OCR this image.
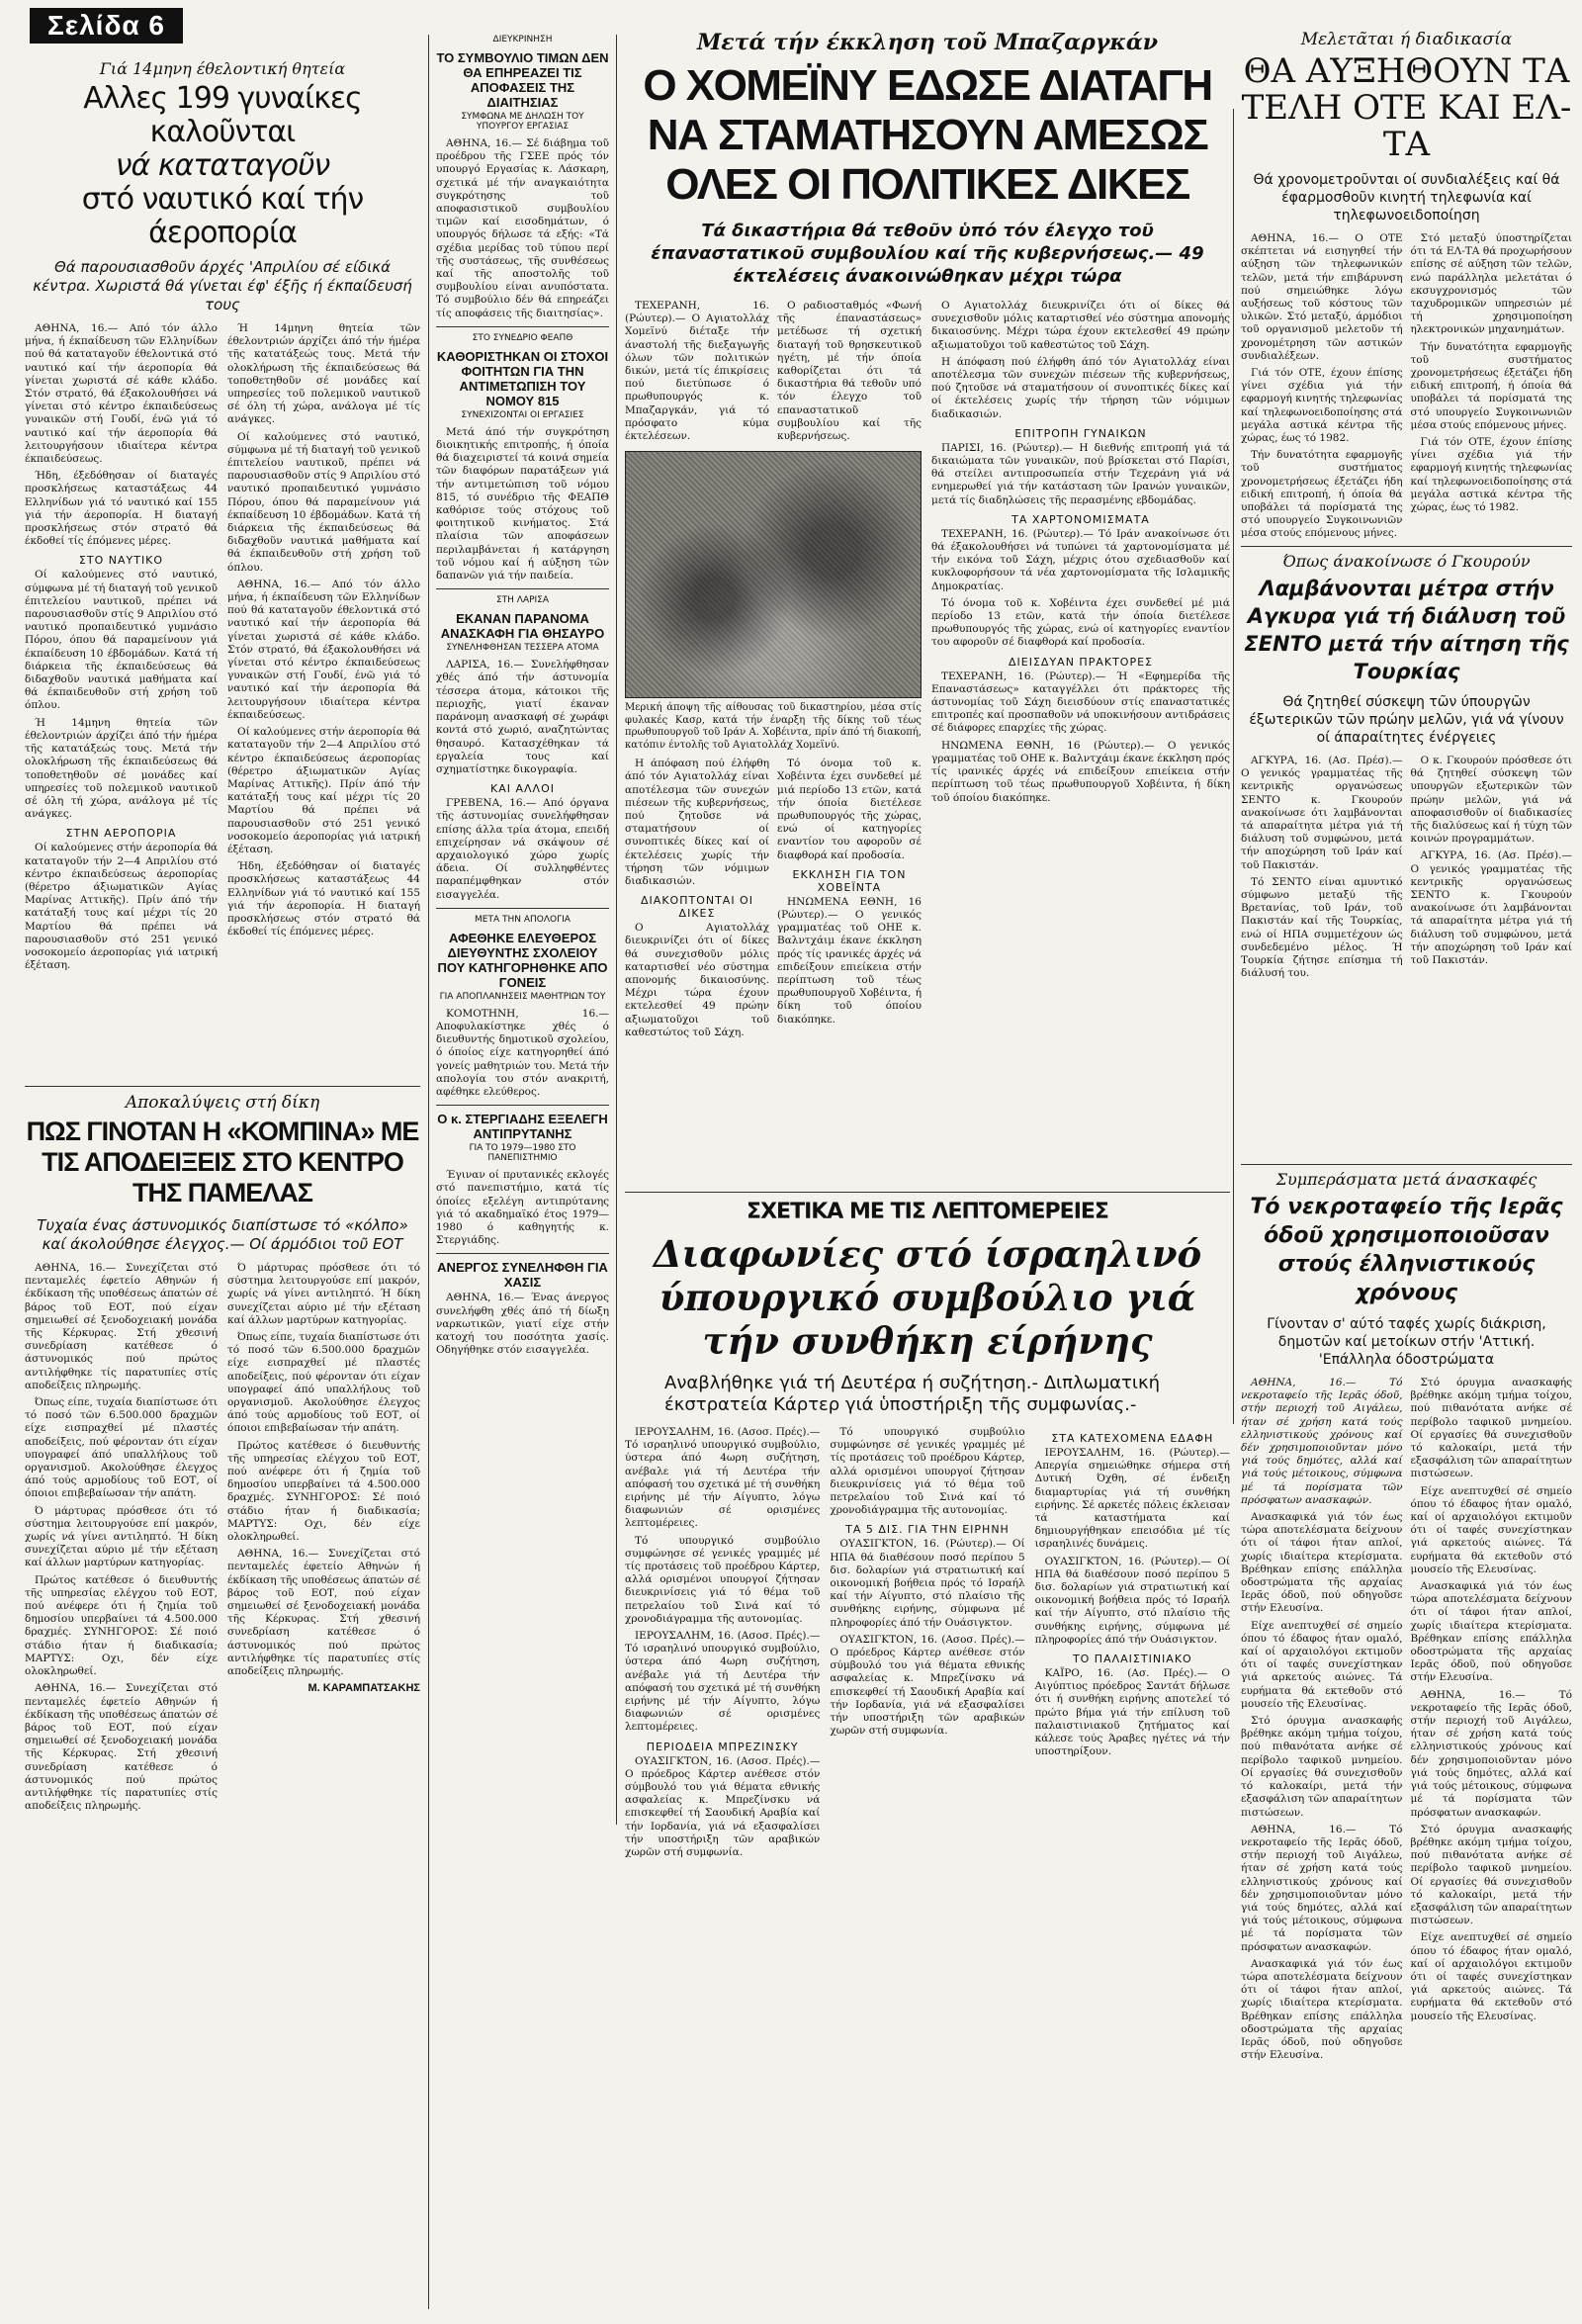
Σελίδα 6

Γιά 14μηνη έθελοντική θητεία

Αλλες 199 γυναίκες καλοῦνται

νά καταταγοῦν

στό ναυτικό καί τήν άεροπορία

Θά παρουσιασθοῦν άρχές 'Απριλίου σέ είδικά κέντρα. Χωριστά θά γίνεται έφ' έξῆς ή έκπαίδευσή τους

ΑΘΗΝΑ, 16.— Από τόν άλλο μήνα, ή έκπαίδευση τῶν Ελληνίδων πού θά καταταγοῦν έθελοντικά στό ναυτικό καί τήν άεροπορία θά γίνεται χωριστά σέ κάθε κλάδο. Στόν στρατό, θά έξακολουθήσει νά γίνεται στό κέντρο έκπαιδεύσεως γυναικῶν στή Γουδί, ένῶ γιά τό ναυτικό καί τήν άεροπορία θά λειτουργήσουν ιδιαίτερα κέντρα έκπαιδεύσεως.

Ήδη, έξεδόθησαν οί διαταγές προσκλήσεως καταστάξεως 44 Ελληνίδων γιά τό ναυτικό καί 155 γιά τήν άεροπορία. Η διαταγή προσκλήσεως στόν στρατό θά έκδοθεί τίς έπόμενες μέρες.

ΣΤΟ ΝΑΥΤΙΚΟ

Οί καλούμενες στό ναυτικό, σύμφωνα μέ τή διαταγή τοῦ γενικοῦ έπιτελείου ναυτικοῦ, πρέπει νά παρουσιασθοῦν στίς 9 Απριλίου στό ναυτικό προπαιδευτικό γυμνάσιο Πόρου, όπου θά παραμείνουν γιά έκπαίδευση 10 έβδομάδων. Κατά τή διάρκεια τῆς έκπαιδεύσεως θά διδαχθοῦν ναυτικά μαθήματα καί θά έκπαιδευθοῦν στή χρήση τοῦ όπλου.

Ή 14μηνη θητεία τῶν έθελοντριών άρχίζει άπό τήν ήμέρα τῆς κατατάξεώς τους. Μετά τήν ολοκλήρωση τῆς έκπαιδεύσεως θά τοποθετηθοῦν σέ μονάδες καί υπηρεσίες τοῦ πολεμικοῦ ναυτικοῦ σέ όλη τή χώρα, ανάλογα μέ τίς ανάγκες.

ΣΤΗΝ ΑΕΡΟΠΟΡΙΑ

Οί καλούμενες στήν άεροπορία θά καταταγοῦν τήν 2—4 Απριλίου στό κέντρο έκπαιδεύσεως άεροπορίας (θέρετρο άξιωματικῶν Αγίας Μαρίνας Αττικῆς). Πρίν άπό τήν κατάταξή τους καί μέχρι τίς 20 Μαρτίου θά πρέπει νά παρουσιασθοῦν στό 251 γενικό νοσοκομείο άεροπορίας γιά ιατρική έξέταση.

Ή 14μηνη θητεία τῶν έθελοντριών άρχίζει άπό τήν ήμέρα τῆς κατατάξεώς τους. Μετά τήν ολοκλήρωση τῆς έκπαιδεύσεως θά τοποθετηθοῦν σέ μονάδες καί υπηρεσίες τοῦ πολεμικοῦ ναυτικοῦ σέ όλη τή χώρα, ανάλογα μέ τίς ανάγκες.

Οί καλούμενες στό ναυτικό, σύμφωνα μέ τή διαταγή τοῦ γενικοῦ έπιτελείου ναυτικοῦ, πρέπει νά παρουσιασθοῦν στίς 9 Απριλίου στό ναυτικό προπαιδευτικό γυμνάσιο Πόρου, όπου θά παραμείνουν γιά έκπαίδευση 10 έβδομάδων. Κατά τή διάρκεια τῆς έκπαιδεύσεως θά διδαχθοῦν ναυτικά μαθήματα καί θά έκπαιδευθοῦν στή χρήση τοῦ όπλου.

ΑΘΗΝΑ, 16.— Από τόν άλλο μήνα, ή έκπαίδευση τῶν Ελληνίδων πού θά καταταγοῦν έθελοντικά στό ναυτικό καί τήν άεροπορία θά γίνεται χωριστά σέ κάθε κλάδο. Στόν στρατό, θά έξακολουθήσει νά γίνεται στό κέντρο έκπαιδεύσεως γυναικῶν στή Γουδί, ένῶ γιά τό ναυτικό καί τήν άεροπορία θά λειτουργήσουν ιδιαίτερα κέντρα έκπαιδεύσεως.

Οί καλούμενες στήν άεροπορία θά καταταγοῦν τήν 2—4 Απριλίου στό κέντρο έκπαιδεύσεως άεροπορίας (θέρετρο άξιωματικῶν Αγίας Μαρίνας Αττικῆς). Πρίν άπό τήν κατάταξή τους καί μέχρι τίς 20 Μαρτίου θά πρέπει νά παρουσιασθοῦν στό 251 γενικό νοσοκομείο άεροπορίας γιά ιατρική έξέταση.

Ήδη, έξεδόθησαν οί διαταγές προσκλήσεως καταστάξεως 44 Ελληνίδων γιά τό ναυτικό καί 155 γιά τήν άεροπορία. Η διαταγή προσκλήσεως στόν στρατό θά έκδοθεί τίς έπόμενες μέρες.

Αποκαλύψεις στή δίκη

ΠΩΣ ΓΙΝΟΤΑΝ Η «ΚΟΜΠΙΝΑ» ΜΕ ΤΙΣ ΑΠΟΔΕΙΞΕΙΣ ΣΤΟ ΚΕΝΤΡΟ ΤΗΣ ΠΑΜΕΛΑΣ

Τυχαία ένας άστυνομικός διαπίστωσε τό «κόλπο» καί άκολούθησε έλεγχος.— Οί άρμόδιοι τοῦ ΕΟΤ

ΑΘΗΝΑ, 16.— Συνεχίζεται στό πενταμελές έφετείο Αθηνών ή έκδίκαση τῆς υποθέσεως άπατών σέ βάρος τοῦ ΕΟΤ, πού είχαν σημειωθεί σέ ξενοδοχειακή μονάδα τῆς Κέρκυρας. Στή χθεσινή συνεδρίαση κατέθεσε ό άστυνομικός πού πρώτος αντιλήφθηκε τίς παρατυπίες στίς αποδείξεις πληρωμής.

Όπως είπε, τυχαία διαπίστωσε ότι τό ποσό τῶν 6.500.000 δραχμῶν είχε εισπραχθεί μέ πλαστές αποδείξεις, πού φέρονταν ότι είχαν υπογραφεί άπό υπαλλήλους τοῦ οργανισμοῦ. Ακολούθησε έλεγχος άπό τούς αρμοδίους τοῦ ΕΟΤ, οί όποιοι επιβεβαίωσαν τήν απάτη.

Ό μάρτυρας πρόσθεσε ότι τό σύστημα λειτουργούσε επί μακρόν, χωρίς νά γίνει αντιληπτό. Ή δίκη συνεχίζεται αύριο μέ τήν εξέταση καί άλλων μαρτύρων κατηγορίας.

Πρώτος κατέθεσε ό διευθυντής τῆς υπηρεσίας ελέγχου τοῦ ΕΟΤ, πού ανέφερε ότι ή ζημία τοῦ δημοσίου υπερβαίνει τά 4.500.000 δραχμές. ΣΥΝΗΓΟΡΟΣ: Σέ ποιό στάδιο ήταν ή διαδικασία; ΜΑΡΤΥΣ: Οχι, δέν είχε ολοκληρωθεί.

ΑΘΗΝΑ, 16.— Συνεχίζεται στό πενταμελές έφετείο Αθηνών ή έκδίκαση τῆς υποθέσεως άπατών σέ βάρος τοῦ ΕΟΤ, πού είχαν σημειωθεί σέ ξενοδοχειακή μονάδα τῆς Κέρκυρας. Στή χθεσινή συνεδρίαση κατέθεσε ό άστυνομικός πού πρώτος αντιλήφθηκε τίς παρατυπίες στίς αποδείξεις πληρωμής.

Ό μάρτυρας πρόσθεσε ότι τό σύστημα λειτουργούσε επί μακρόν, χωρίς νά γίνει αντιληπτό. Ή δίκη συνεχίζεται αύριο μέ τήν εξέταση καί άλλων μαρτύρων κατηγορίας.

Όπως είπε, τυχαία διαπίστωσε ότι τό ποσό τῶν 6.500.000 δραχμῶν είχε εισπραχθεί μέ πλαστές αποδείξεις, πού φέρονταν ότι είχαν υπογραφεί άπό υπαλλήλους τοῦ οργανισμοῦ. Ακολούθησε έλεγχος άπό τούς αρμοδίους τοῦ ΕΟΤ, οί όποιοι επιβεβαίωσαν τήν απάτη.

Πρώτος κατέθεσε ό διευθυντής τῆς υπηρεσίας ελέγχου τοῦ ΕΟΤ, πού ανέφερε ότι ή ζημία τοῦ δημοσίου υπερβαίνει τά 4.500.000 δραχμές. ΣΥΝΗΓΟΡΟΣ: Σέ ποιό στάδιο ήταν ή διαδικασία; ΜΑΡΤΥΣ: Οχι, δέν είχε ολοκληρωθεί.

ΑΘΗΝΑ, 16.— Συνεχίζεται στό πενταμελές έφετείο Αθηνών ή έκδίκαση τῆς υποθέσεως άπατών σέ βάρος τοῦ ΕΟΤ, πού είχαν σημειωθεί σέ ξενοδοχειακή μονάδα τῆς Κέρκυρας. Στή χθεσινή συνεδρίαση κατέθεσε ό άστυνομικός πού πρώτος αντιλήφθηκε τίς παρατυπίες στίς αποδείξεις πληρωμής.

Μ. ΚΑΡΑΜΠΑΤΣΑΚΗΣ

ΔΙΕΥΚΡΙΝΗΣΗ

ΤΟ ΣΥΜΒΟΥΛΙΟ ΤΙΜΩΝ ΔΕΝ ΘΑ ΕΠΗΡΕΑΖΕΙ ΤΙΣ ΑΠΟΦΑΣΕΙΣ ΤΗΣ ΔΙΑΙΤΗΣΙΑΣ

ΣΥΜΦΩΝΑ ΜΕ ΔΗΛΩΣΗ ΤΟΥ ΥΠΟΥΡΓΟΥ ΕΡΓΑΣΙΑΣ

ΑΘΗΝΑ, 16.— Σέ διάβημα τοῦ προέδρου τῆς ΓΣΕΕ πρός τόν υπουργό Εργασίας κ. Λάσκαρη, σχετικά μέ τήν αναγκαιότητα συγκρότησης τοῦ αποφασιστικοῦ συμβουλίου τιμῶν καί εισοδημάτων, ό υπουργός δήλωσε τά εξής: «Τά σχέδια μερίδας τοῦ τύπου περί τῆς συστάσεως, τῆς συνθέσεως καί τῆς αποστολῆς τοῦ συμβουλίου είναι ανυπόστατα. Τό συμβούλιο δέν θά επηρεάζει τίς αποφάσεις τῆς διαιτησίας».

ΣΤΟ ΣΥΝΕΔΡΙΟ ΦΕΑΠΘ

ΚΑΘΟΡΙΣΤΗΚΑΝ ΟΙ ΣΤΟΧΟΙ ΦΟΙΤΗΤΩΝ ΓΙΑ ΤΗΝ ΑΝΤΙΜΕΤΩΠΙΣΗ ΤΟΥ ΝΟΜΟΥ 815

ΣΥΝΕΧΙΖΟΝΤΑΙ ΟΙ ΕΡΓΑΣΙΕΣ

Μετά άπό τήν συγκρότηση διοικητικής επιτροπής, ή όποία θά διαχειριστεί τά κοινά σημεία τῶν διαφόρων παρατάξεων γιά τήν αντιμετώπιση τοῦ νόμου 815, τό συνέδριο τῆς ΦΕΑΠΘ καθόρισε τούς στόχους τοῦ φοιτητικοῦ κινήματος. Στά πλαίσια τῶν αποφάσεων περιλαμβάνεται ή κατάργηση τοῦ νόμου καί ή αύξηση τῶν δαπανῶν γιά τήν παιδεία.

ΣΤΗ ΛΑΡΙΣΑ

ΕΚΑΝΑΝ ΠΑΡΑΝΟΜΑ ΑΝΑΣΚΑΦΗ ΓΙΑ ΘΗΣΑΥΡΟ

ΣΥΝΕΛΗΦΘΗΣΑΝ ΤΕΣΣΕΡΑ ΑΤΟΜΑ

ΛΑΡΙΣΑ, 16.— Συνελήφθησαν χθές άπό τήν άστυνομία τέσσερα άτομα, κάτοικοι τῆς περιοχῆς, γιατί έκαναν παράνομη ανασκαφή σέ χωράφι κοντά στό χωριό, αναζητώντας θησαυρό. Κατασχέθηκαν τά εργαλεία τους καί σχηματίστηκε δικογραφία.

ΚΑΙ ΑΛΛΟΙ

ΓΡΕΒΕΝΑ, 16.— Από όργανα τῆς άστυνομίας συνελήφθησαν επίσης άλλα τρία άτομα, επειδή επιχείρησαν νά σκάψουν σέ αρχαιολογικό χώρο χωρίς άδεια. Οί συλληφθέντες παραπέμφθηκαν στόν εισαγγελέα.

ΜΕΤΑ ΤΗΝ ΑΠΟΛΟΓΙΑ

ΑΦΕΘΗΚΕ ΕΛΕΥΘΕΡΟΣ ΔΙΕΥΘΥΝΤΗΣ ΣΧΟΛΕΙΟΥ ΠΟΥ ΚΑΤΗΓΟΡΗΘΗΚΕ ΑΠΟ ΓΟΝΕΙΣ

ΓΙΑ ΑΠΟΠΛΑΝΗΣΕΙΣ ΜΑΘΗΤΡΙΩΝ ΤΟΥ

ΚΟΜΟΤΗΝΗ, 16.— Αποφυλακίστηκε χθές ό διευθυντής δημοτικοῦ σχολείου, ό όποίος είχε κατηγορηθεί άπό γονείς μαθητριών του. Μετά τήν απολογία του στόν ανακριτή, αφέθηκε ελεύθερος.

Ο κ. ΣΤΕΡΓΙΑΔΗΣ ΕΞΕΛΕΓΗ ΑΝΤΙΠΡΥΤΑΝΗΣ

ΓΙΑ ΤΟ 1979—1980 ΣΤΟ ΠΑΝΕΠΙΣΤΗΜΙΟ

Έγιναν οί πρυτανικές εκλογές στό πανεπιστήμιο, κατά τίς όποίες εξελέγη αντιπρύτανης γιά τό ακαδημαϊκό έτος 1979—1980 ό καθηγητής κ. Στεργιάδης.

ΑΝΕΡΓΟΣ ΣΥΝΕΛΗΦΘΗ ΓΙΑ ΧΑΣΙΣ

ΑΘΗΝΑ, 16.— Ένας άνεργος συνελήφθη χθές άπό τή δίωξη ναρκωτικῶν, γιατί είχε στήν κατοχή του ποσότητα χασίς. Οδηγήθηκε στόν εισαγγελέα.

Μετά τήν έκκληση τοῦ Μπαζαργκάν

Ο ΧΟΜΕΪΝΥ ΕΔΩΣΕ ΔΙΑΤΑΓΗ ΝΑ ΣΤΑΜΑΤΗΣΟΥΝ ΑΜΕΣΩΣ ΟΛΕΣ ΟΙ ΠΟΛΙΤΙΚΕΣ ΔΙΚΕΣ

Τά δικαστήρια θά τεθοῦν ὑπό τόν έλεγχο τοῦ έπαναστατικοῦ συμβουλίου καί τῆς κυβερνήσεως.— 49 έκτελέσεις άνακοινώθηκαν μέχρι τώρα

ΤΕΧΕΡΑΝΗ, 16. (Ρώυτερ).— Ο Αγιατολλάχ Χομεϊνύ διέταξε τήν άναστολή τῆς διεξαγωγῆς όλων τῶν πολιτικών δικών, μετά τίς έπικρίσεις πού διετύπωσε ό πρωθυπουργός κ. Μπαζαργκάν, γιά τό πρόσφατο κύμα έκτελέσεων.

Ο ραδιοσταθμός «Φωνή τῆς έπαναστάσεως» μετέδωσε τή σχετική διαταγή τοῦ θρησκευτικοῦ ηγέτη, μέ τήν όποία καθορίζεται ότι τά δικαστήρια θά τεθοῦν υπό τόν έλεγχο τοῦ επαναστατικοῦ συμβουλίου καί τῆς κυβερνήσεως.

Μερική άποψη τῆς αίθουσας τοῦ δικαστηρίου, μέσα στίς φυλακές Κασρ, κατά τήν έναρξη τῆς δίκης τοῦ τέως πρωθυπουργοῦ τοῦ Ιράν Α. Χοβέιντα, πρίν άπό τή διακοπή, κατόπιν έντολῆς τοῦ Αγιατολλάχ Χομεϊνύ.

Η άπόφαση πού έλήφθη άπό τόν Αγιατολλάχ είναι αποτέλεσμα τῶν συνεχών πιέσεων τῆς κυβερνήσεως, πού ζητοῦσε νά σταματήσουν οί συνοπτικές δίκες καί οί έκτελέσεις χωρίς τήν τήρηση τῶν νόμιμων διαδικασιών.

ΔΙΑΚΟΠΤΟΝΤΑΙ ΟΙ ΔΙΚΕΣ

Ο Αγιατολλάχ διευκρινίζει ότι οί δίκες θά συνεχισθοῦν μόλις καταρτισθεί νέο σύστημα απονομής δικαιοσύνης. Μέχρι τώρα έχουν εκτελεσθεί 49 πρώην αξιωματοῦχοι τοῦ καθεστώτος τοῦ Σάχη.

Τό όνομα τοῦ κ. Χοβέιντα έχει συνδεθεί μέ μιά περίοδο 13 ετῶν, κατά τήν όποία διετέλεσε πρωθυπουργός τῆς χώρας, ενώ οί κατηγορίες εναντίον του αφοροῦν σέ διαφθορά καί προδοσία.

ΕΚΚΛΗΣΗ ΓΙΑ ΤΟΝ ΧΟΒΕΪΝΤΑ

ΗΝΩΜΕΝΑ ΕΘΝΗ, 16 (Ρώυτερ).— Ο γενικός γραμματέας τοῦ ΟΗΕ κ. Βαλντχάιμ έκανε έκκληση πρός τίς ιρανικές άρχές νά επιδείξουν επιείκεια στήν περίπτωση τοῦ τέως πρωθυπουργοῦ Χοβέιντα, ή δίκη τοῦ όποίου διακόπηκε.

Ο Αγιατολλάχ διευκρινίζει ότι οί δίκες θά συνεχισθοῦν μόλις καταρτισθεί νέο σύστημα απονομής δικαιοσύνης. Μέχρι τώρα έχουν εκτελεσθεί 49 πρώην αξιωματοῦχοι τοῦ καθεστώτος τοῦ Σάχη.

Η άπόφαση πού έλήφθη άπό τόν Αγιατολλάχ είναι αποτέλεσμα τῶν συνεχών πιέσεων τῆς κυβερνήσεως, πού ζητοῦσε νά σταματήσουν οί συνοπτικές δίκες καί οί έκτελέσεις χωρίς τήν τήρηση τῶν νόμιμων διαδικασιών.

ΕΠΙΤΡΟΠΗ ΓΥΝΑΙΚΩΝ

ΠΑΡΙΣΙ, 16. (Ρώυτερ).— Η διεθνής επιτροπή γιά τά δικαιώματα τῶν γυναικῶν, πού βρίσκεται στό Παρίσι, θά στείλει αντιπροσωπεία στήν Τεχεράνη γιά νά ενημερωθεί γιά τήν κατάσταση τῶν Ιρανών γυναικῶν, μετά τίς διαδηλώσεις τῆς περασμένης εβδομάδας.

ΤΑ ΧΑΡΤΟΝΟΜΙΣΜΑΤΑ

ΤΕΧΕΡΑΝΗ, 16. (Ρώυτερ).— Τό Ιράν ανακοίνωσε ότι θά έξακολουθήσει νά τυπώνει τά χαρτονομίσματα μέ τήν εικόνα τοῦ Σάχη, μέχρις ότου σχεδιασθοῦν καί κυκλοφορήσουν τά νέα χαρτονομίσματα τῆς Ισλαμικῆς Δημοκρατίας.

Τό όνομα τοῦ κ. Χοβέιντα έχει συνδεθεί μέ μιά περίοδο 13 ετῶν, κατά τήν όποία διετέλεσε πρωθυπουργός τῆς χώρας, ενώ οί κατηγορίες εναντίον του αφοροῦν σέ διαφθορά καί προδοσία.

ΔΙΕΙΣΔΥΑΝ ΠΡΑΚΤΟΡΕΣ

ΤΕΧΕΡΑΝΗ, 16. (Ρώυτερ).— Ή «Εφημερίδα τῆς Επαναστάσεως» καταγγέλλει ότι πράκτορες τῆς άστυνομίας τοῦ Σάχη διεισδύουν στίς επαναστατικές επιτροπές καί προσπαθοῦν νά υποκινήσουν αντιδράσεις σέ διάφορες επαρχίες τῆς χώρας.

ΗΝΩΜΕΝΑ ΕΘΝΗ, 16 (Ρώυτερ).— Ο γενικός γραμματέας τοῦ ΟΗΕ κ. Βαλντχάιμ έκανε έκκληση πρός τίς ιρανικές άρχές νά επιδείξουν επιείκεια στήν περίπτωση τοῦ τέως πρωθυπουργοῦ Χοβέιντα, ή δίκη τοῦ όποίου διακόπηκε.

ΣΧΕΤΙΚΑ ΜΕ ΤΙΣ ΛΕΠΤΟΜΕΡΕΙΕΣ

Διαφωνίες στό ίσραηλινό ύπουργικό συμβούλιο γιά τήν συνθήκη είρήνης

Αναβλήθηκε γιά τή Δευτέρα ή συζήτηση.- Διπλωματική έκστρατεία Κάρτερ γιά ὑποστήριξη τῆς συμφωνίας.-

ΙΕΡΟΥΣΑΛΗΜ, 16. (Ασοσ. Πρές).— Τό ισραηλινό υπουργικό συμβούλιο, ύστερα άπό 4ωρη συζήτηση, ανέβαλε γιά τή Δευτέρα τήν απόφασή του σχετικά μέ τή συνθήκη ειρήνης μέ τήν Αίγυπτο, λόγω διαφωνιών σέ ορισμένες λεπτομέρειες.

Τό υπουργικό συμβούλιο συμφώνησε σέ γενικές γραμμές μέ τίς προτάσεις τοῦ προέδρου Κάρτερ, αλλά ορισμένοι υπουργοί ζήτησαν διευκρινίσεις γιά τό θέμα τοῦ πετρελαίου τοῦ Σινά καί τό χρονοδιάγραμμα τῆς αυτονομίας.

ΙΕΡΟΥΣΑΛΗΜ, 16. (Ασοσ. Πρές).— Τό ισραηλινό υπουργικό συμβούλιο, ύστερα άπό 4ωρη συζήτηση, ανέβαλε γιά τή Δευτέρα τήν απόφασή του σχετικά μέ τή συνθήκη ειρήνης μέ τήν Αίγυπτο, λόγω διαφωνιών σέ ορισμένες λεπτομέρειες.

ΠΕΡΙΟΔΕΙΑ ΜΠΡΕΖΙΝΣΚΥ

ΟΥΑΣΙΓΚΤΟΝ, 16. (Ασοσ. Πρές).— Ο πρόεδρος Κάρτερ ανέθεσε στόν σύμβουλό του γιά θέματα εθνικής ασφαλείας κ. Μπρεζίνσκυ νά επισκεφθεί τή Σαουδική Αραβία καί τήν Ιορδανία, γιά νά εξασφαλίσει τήν υποστήριξη τῶν αραβικών χωρῶν στή συμφωνία.

Τό υπουργικό συμβούλιο συμφώνησε σέ γενικές γραμμές μέ τίς προτάσεις τοῦ προέδρου Κάρτερ, αλλά ορισμένοι υπουργοί ζήτησαν διευκρινίσεις γιά τό θέμα τοῦ πετρελαίου τοῦ Σινά καί τό χρονοδιάγραμμα τῆς αυτονομίας.

ΤΑ 5 ΔΙΣ. ΓΙΑ ΤΗΝ ΕΙΡΗΝΗ

ΟΥΑΣΙΓΚΤΟΝ, 16. (Ρώυτερ).— Οί ΗΠΑ θά διαθέσουν ποσό περίπου 5 δισ. δολαρίων γιά στρατιωτική καί οικονομική βοήθεια πρός τό Ισραήλ καί τήν Αίγυπτο, στό πλαίσιο τῆς συνθήκης ειρήνης, σύμφωνα μέ πληροφορίες άπό τήν Ουάσιγκτον.

ΟΥΑΣΙΓΚΤΟΝ, 16. (Ασοσ. Πρές).— Ο πρόεδρος Κάρτερ ανέθεσε στόν σύμβουλό του γιά θέματα εθνικής ασφαλείας κ. Μπρεζίνσκυ νά επισκεφθεί τή Σαουδική Αραβία καί τήν Ιορδανία, γιά νά εξασφαλίσει τήν υποστήριξη τῶν αραβικών χωρῶν στή συμφωνία.

ΣΤΑ ΚΑΤΕΧΟΜΕΝΑ ΕΔΑΦΗ

ΙΕΡΟΥΣΑΛΗΜ, 16. (Ρώυτερ).— Απεργία σημειώθηκε σήμερα στή Δυτική Όχθη, σέ ένδειξη διαμαρτυρίας γιά τή συνθήκη ειρήνης. Σέ αρκετές πόλεις έκλεισαν τά καταστήματα καί δημιουργήθηκαν επεισόδια μέ τίς ισραηλινές δυνάμεις.

ΟΥΑΣΙΓΚΤΟΝ, 16. (Ρώυτερ).— Οί ΗΠΑ θά διαθέσουν ποσό περίπου 5 δισ. δολαρίων γιά στρατιωτική καί οικονομική βοήθεια πρός τό Ισραήλ καί τήν Αίγυπτο, στό πλαίσιο τῆς συνθήκης ειρήνης, σύμφωνα μέ πληροφορίες άπό τήν Ουάσιγκτον.

ΤΟ ΠΑΛΑΙΣΤΙΝΙΑΚΟ

ΚΑΪΡΟ, 16. (Ασ. Πρές).— Ο Αιγύπτιος πρόεδρος Σαντάτ δήλωσε ότι ή συνθήκη ειρήνης αποτελεί τό πρώτο βήμα γιά τήν επίλυση τοῦ παλαιστινιακοῦ ζητήματος καί κάλεσε τούς Άραβες ηγέτες νά τήν υποστηρίξουν.

Μελετᾶται ή διαδικασία

ΘΑ ΑΥΞΗΘΟΥΝ ΤΑ ΤΕΛΗ ΟΤΕ ΚΑΙ ΕΛ-ΤΑ

Θά χρονομετροῦνται οί συνδιαλέξεις καί θά έφαρμοσθοῦν κινητή τηλεφωνία καί τηλεφωνοειδοποίηση

ΑΘΗΝΑ, 16.— Ο ΟΤΕ σκέπτεται νά εισηγηθεί τήν αύξηση τῶν τηλεφωνικών τελῶν, μετά τήν επιβάρυνση πού σημειώθηκε λόγω αυξήσεως τοῦ κόστους τῶν υλικῶν. Στό μεταξύ, άρμόδιοι τοῦ οργανισμοῦ μελετοῦν τή χρονομέτρηση τῶν αστικών συνδιαλέξεων.

Γιά τόν ΟΤΕ, έχουν έπίσης γίνει σχέδια γιά τήν εφαρμογή κινητής τηλεφωνίας καί τηλεφωνοειδοποίησης στά μεγάλα αστικά κέντρα τῆς χώρας, έως τό 1982.

Τήν δυνατότητα εφαρμογῆς τοῦ συστήματος χρονομετρήσεως έξετάζει ήδη ειδική επιτροπή, ή όποία θά υποβάλει τά πορίσματά της στό υπουργείο Συγκοινωνιῶν μέσα στούς επόμενους μήνες.

Στό μεταξύ ύποστηρίζεται ότι τά ΕΛ-ΤΑ θά προχωρήσουν επίσης σέ αύξηση τῶν τελῶν, ενώ παράλληλα μελετάται ό εκσυγχρονισμός τῶν ταχυδρομικῶν υπηρεσιών μέ τή χρησιμοποίηση ηλεκτρονικών μηχανημάτων.

Τήν δυνατότητα εφαρμογῆς τοῦ συστήματος χρονομετρήσεως έξετάζει ήδη ειδική επιτροπή, ή όποία θά υποβάλει τά πορίσματά της στό υπουργείο Συγκοινωνιῶν μέσα στούς επόμενους μήνες.

Γιά τόν ΟΤΕ, έχουν έπίσης γίνει σχέδια γιά τήν εφαρμογή κινητής τηλεφωνίας καί τηλεφωνοειδοποίησης στά μεγάλα αστικά κέντρα τῆς χώρας, έως τό 1982.

Όπως άνακοίνωσε ό Γκουρούν

Λαμβάνονται μέτρα στήν Αγκυρα γιά τή διάλυση τοῦ ΣΕΝΤΟ μετά τήν αίτηση τῆς Τουρκίας

Θά ζητηθεί σύσκεψη τῶν ύπουργῶν έξωτερικῶν τῶν πρώην μελῶν, γιά νά γίνουν οί άπαραίτητες ένέργειες

ΑΓΚΥΡΑ, 16. (Ασ. Πρέσ).— Ο γενικός γραμματέας τῆς κεντρικῆς οργανώσεως ΣΕΝΤΟ κ. Γκουρούν ανακοίνωσε ότι λαμβάνονται τά απαραίτητα μέτρα γιά τή διάλυση τοῦ συμφώνου, μετά τήν αποχώρηση τοῦ Ιράν καί τοῦ Πακιστάν.

Τό ΣΕΝΤΟ είναι αμυντικό σύμφωνο μεταξύ τῆς Βρετανίας, τοῦ Ιράν, τοῦ Πακιστάν καί τῆς Τουρκίας, ενώ οί ΗΠΑ συμμετέχουν ώς συνδεδεμένο μέλος. Ή Τουρκία ζήτησε επίσημα τή διάλυσή του.

Ο κ. Γκουρούν πρόσθεσε ότι θά ζητηθεί σύσκεψη τῶν υπουργῶν εξωτερικῶν τῶν πρώην μελῶν, γιά νά αποφασισθοῦν οί διαδικασίες τῆς διαλύσεως καί ή τύχη τῶν κοινών προγραμμάτων.

ΑΓΚΥΡΑ, 16. (Ασ. Πρέσ).— Ο γενικός γραμματέας τῆς κεντρικῆς οργανώσεως ΣΕΝΤΟ κ. Γκουρούν ανακοίνωσε ότι λαμβάνονται τά απαραίτητα μέτρα γιά τή διάλυση τοῦ συμφώνου, μετά τήν αποχώρηση τοῦ Ιράν καί τοῦ Πακιστάν.

Συμπεράσματα μετά άνασκαφές

Τό νεκροταφείο τῆς Ιερᾶς όδοῦ χρησιμοποιοῦσαν στούς έλληνιστικούς χρόνους

Γίνονταν σ' αύτό ταφές χωρίς διάκριση, δημοτῶν καί μετοίκων στήν 'Αττική. 'Επάλληλα όδοστρώματα

ΑΘΗΝΑ, 16.— Τό νεκροταφείο τῆς Ιερᾶς όδοῦ, στήν περιοχή τοῦ Αιγάλεω, ήταν σέ χρήση κατά τούς ελληνιστικούς χρόνους καί δέν χρησιμοποιοῦνταν μόνο γιά τούς δημότες, αλλά καί γιά τούς μέτοικους, σύμφωνα μέ τά πορίσματα τῶν πρόσφατων ανασκαφών.

Ανασκαφικά γιά τόν έως τώρα αποτελέσματα δείχνουν ότι οί τάφοι ήταν απλοί, χωρίς ιδιαίτερα κτερίσματα. Βρέθηκαν επίσης επάλληλα οδοστρώματα τῆς αρχαίας Ιερᾶς όδοῦ, πού οδηγοῦσε στήν Ελευσίνα.

Είχε ανεπτυχθεί σέ σημείο όπου τό έδαφος ήταν ομαλό, καί οί αρχαιολόγοι εκτιμοῦν ότι οί ταφές συνεχίστηκαν γιά αρκετούς αιώνες. Τά ευρήματα θά εκτεθοῦν στό μουσείο τῆς Ελευσίνας.

Στό όρυγμα ανασκαφής βρέθηκε ακόμη τμήμα τοίχου, πού πιθανότατα ανήκε σέ περίβολο ταφικοῦ μνημείου. Οί εργασίες θά συνεχισθοῦν τό καλοκαίρι, μετά τήν εξασφάλιση τῶν απαραίτητων πιστώσεων.

ΑΘΗΝΑ, 16.— Τό νεκροταφείο τῆς Ιερᾶς όδοῦ, στήν περιοχή τοῦ Αιγάλεω, ήταν σέ χρήση κατά τούς ελληνιστικούς χρόνους καί δέν χρησιμοποιοῦνταν μόνο γιά τούς δημότες, αλλά καί γιά τούς μέτοικους, σύμφωνα μέ τά πορίσματα τῶν πρόσφατων ανασκαφών.

Ανασκαφικά γιά τόν έως τώρα αποτελέσματα δείχνουν ότι οί τάφοι ήταν απλοί, χωρίς ιδιαίτερα κτερίσματα. Βρέθηκαν επίσης επάλληλα οδοστρώματα τῆς αρχαίας Ιερᾶς όδοῦ, πού οδηγοῦσε στήν Ελευσίνα.

Στό όρυγμα ανασκαφής βρέθηκε ακόμη τμήμα τοίχου, πού πιθανότατα ανήκε σέ περίβολο ταφικοῦ μνημείου. Οί εργασίες θά συνεχισθοῦν τό καλοκαίρι, μετά τήν εξασφάλιση τῶν απαραίτητων πιστώσεων.

Είχε ανεπτυχθεί σέ σημείο όπου τό έδαφος ήταν ομαλό, καί οί αρχαιολόγοι εκτιμοῦν ότι οί ταφές συνεχίστηκαν γιά αρκετούς αιώνες. Τά ευρήματα θά εκτεθοῦν στό μουσείο τῆς Ελευσίνας.

Ανασκαφικά γιά τόν έως τώρα αποτελέσματα δείχνουν ότι οί τάφοι ήταν απλοί, χωρίς ιδιαίτερα κτερίσματα. Βρέθηκαν επίσης επάλληλα οδοστρώματα τῆς αρχαίας Ιερᾶς όδοῦ, πού οδηγοῦσε στήν Ελευσίνα.

ΑΘΗΝΑ, 16.— Τό νεκροταφείο τῆς Ιερᾶς όδοῦ, στήν περιοχή τοῦ Αιγάλεω, ήταν σέ χρήση κατά τούς ελληνιστικούς χρόνους καί δέν χρησιμοποιοῦνταν μόνο γιά τούς δημότες, αλλά καί γιά τούς μέτοικους, σύμφωνα μέ τά πορίσματα τῶν πρόσφατων ανασκαφών.

Στό όρυγμα ανασκαφής βρέθηκε ακόμη τμήμα τοίχου, πού πιθανότατα ανήκε σέ περίβολο ταφικοῦ μνημείου. Οί εργασίες θά συνεχισθοῦν τό καλοκαίρι, μετά τήν εξασφάλιση τῶν απαραίτητων πιστώσεων.

Είχε ανεπτυχθεί σέ σημείο όπου τό έδαφος ήταν ομαλό, καί οί αρχαιολόγοι εκτιμοῦν ότι οί ταφές συνεχίστηκαν γιά αρκετούς αιώνες. Τά ευρήματα θά εκτεθοῦν στό μουσείο τῆς Ελευσίνας.
